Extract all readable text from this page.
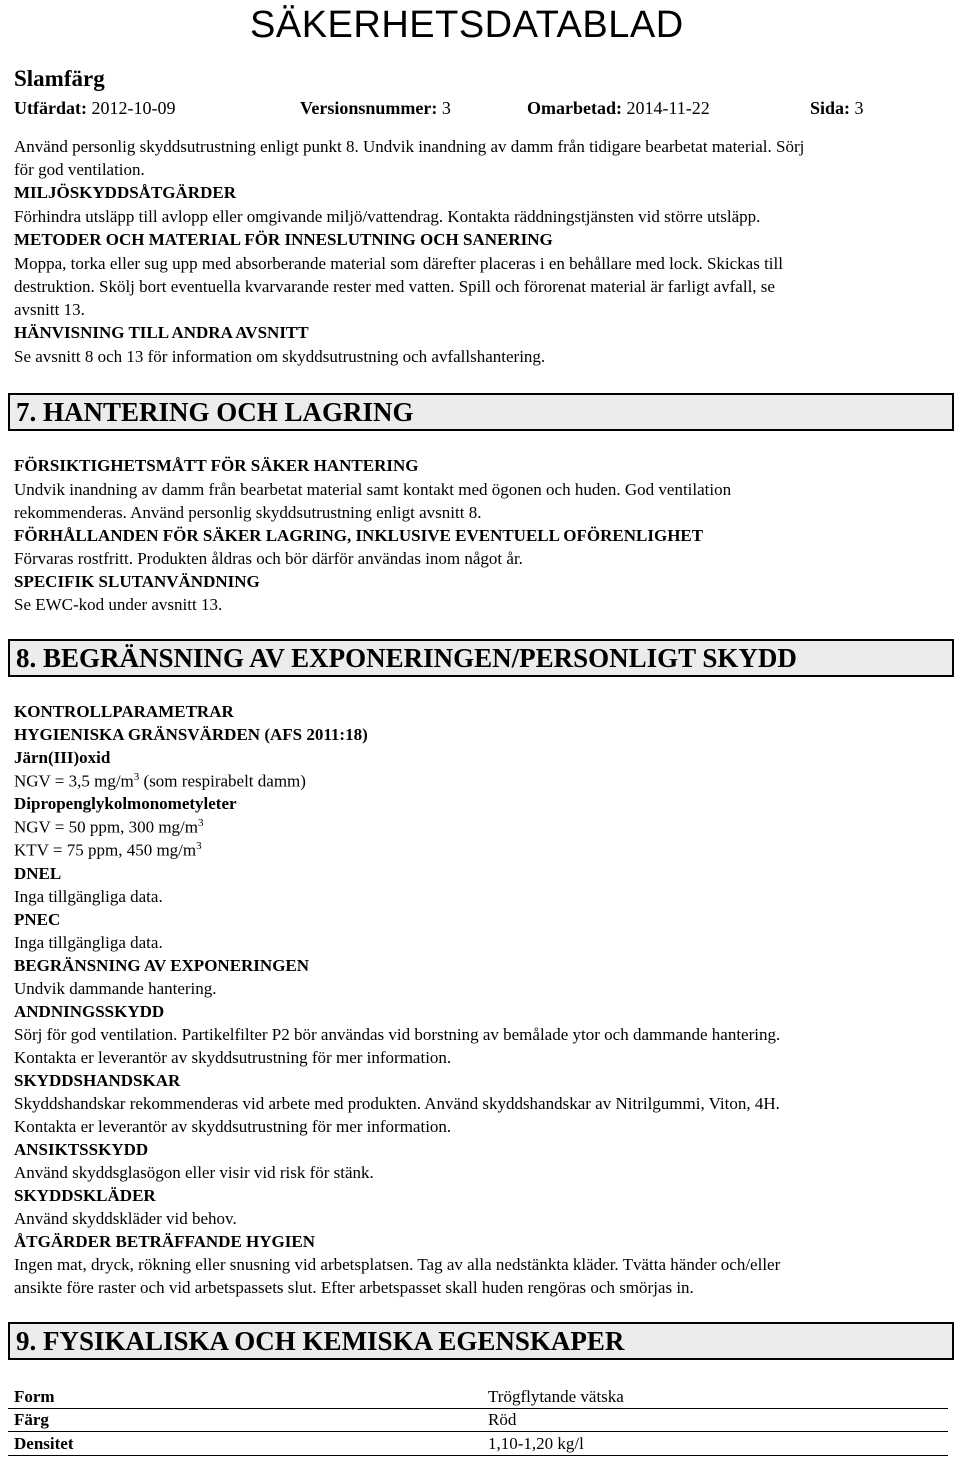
SÄKERHETSDATABLAD
Slamfärg
Utfärdat: 2012-10-09	Versionsnummer: 3	Omarbetad: 2014-11-22	Sida: 3
Använd personlig skyddsutrustning enligt punkt 8. Undvik inandning av damm från tidigare bearbetat material. Sörj
för god ventilation.
MILJÖSKYDDSÅTGÄRDER
Förhindra utsläpp till avlopp eller omgivande miljö/vattendrag. Kontakta räddningstjänsten vid större utsläpp.
METODER OCH MATERIAL FÖR INNESLUTNING OCH SANERING
Moppa, torka eller sug upp med absorberande material som därefter placeras i en behållare med lock. Skickas till
destruktion. Skölj bort eventuella kvarvarande rester med vatten. Spill och förorenat material är farligt avfall, se
avsnitt 13.
HÄNVISNING TILL ANDRA AVSNITT
Se avsnitt 8 och 13 för information om skyddsutrustning och avfallshantering.
7. HANTERING OCH LAGRING
FÖRSIKTIGHETSMÅTT FÖR SÄKER HANTERING
Undvik inandning av damm från bearbetat material samt kontakt med ögonen och huden. God ventilation
rekommenderas. Använd personlig skyddsutrustning enligt avsnitt 8.
FÖRHÅLLANDEN FÖR SÄKER LAGRING, INKLUSIVE EVENTUELL OFÖRENLIGHET
Förvaras rostfritt. Produkten åldras och bör därför användas inom något år.
SPECIFIK SLUTANVÄNDNING
Se EWC-kod under avsnitt 13.
8. BEGRÄNSNING AV EXPONERINGEN/PERSONLIGT SKYDD
KONTROLLPARAMETRAR
HYGIENISKA GRÄNSVÄRDEN (AFS 2011:18)
Järn(III)oxid
NGV = 3,5 $mg/m^3$ (som respirabelt damm)
Dipropenglykolmonometyleter
NGV = 50 ppm, 300 $mg/m^3$
KTV = 75 ppm, 450 $mg/m^3$
DNEL
Inga tillgängliga data.
PNEC
Inga tillgängliga data.
BEGRÄNSNING AV EXPONERINGEN
Undvik dammande hantering.
ANDNINGSSKYDD
Sörj för god ventilation. Partikelfilter P2 bör användas vid borstning av bemålade ytor och dammande hantering.
Kontakta er leverantör av skyddsutrustning för mer information.
SKYDDSHANDSKAR
Skyddshandskar rekommenderas vid arbete med produkten. Använd skyddshandskar av Nitrilgummi, Viton, 4H.
Kontakta er leverantör av skyddsutrustning för mer information.
ANSIKTSSKYDD
Använd skyddsglasögon eller visir vid risk för stänk.
SKYDDSKLÄDER
Använd skyddskläder vid behov.
ÅTGÄRDER BETRÄFFANDE HYGIEN
Ingen mat, dryck, rökning eller snusning vid arbetsplatsen. Tag av alla nedstänkta kläder. Tvätta händer och/eller
ansikte före raster och vid arbetspassets slut. Efter arbetspasset skall huden rengöras och smörjas in.
9. FYSIKALISKA OCH KEMISKA EGENSKAPER
Form	Trögflytande vätska
Färg	Röd
Densitet	1,10-1,20 kg/l
